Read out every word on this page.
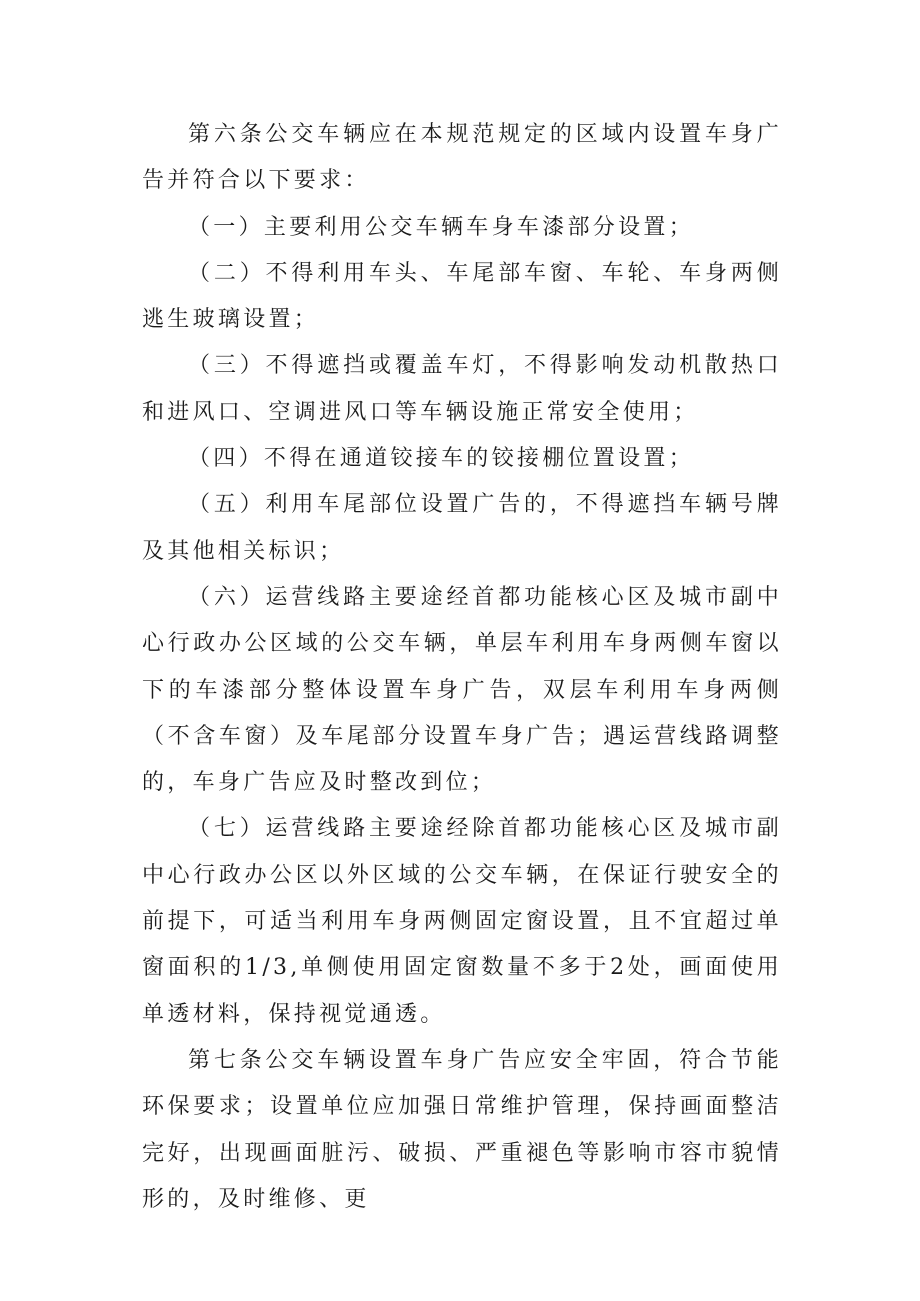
第六条公交车辆应在本规范规定的区域内设置车身广告并符合以下要求：

（一）主要利用公交车辆车身车漆部分设置；

（二）不得利用车头、车尾部车窗、车轮、车身两侧逃生玻璃设置；

（三）不得遮挡或覆盖车灯，不得影响发动机散热口和进风口、空调进风口等车辆设施正常安全使用；

（四）不得在通道铰接车的铰接棚位置设置；

（五）利用车尾部位设置广告的，不得遮挡车辆号牌及其他相关标识；

（六）运营线路主要途经首都功能核心区及城市副中心行政办公区域的公交车辆，单层车利用车身两侧车窗以下的车漆部分整体设置车身广告，双层车利用车身两侧（不含车窗）及车尾部分设置车身广告；遇运营线路调整的，车身广告应及时整改到位；

（七）运营线路主要途经除首都功能核心区及城市副中心行政办公区以外区域的公交车辆，在保证行驶安全的前提下，可适当利用车身两侧固定窗设置，且不宜超过单窗面积的1/3,单侧使用固定窗数量不多于2处，画面使用单透材料，保持视觉通透。

第七条公交车辆设置车身广告应安全牢固，符合节能环保要求；设置单位应加强日常维护管理，保持画面整洁完好，出现画面脏污、破损、严重褪色等影响市容市貌情形的，及时维修、更
